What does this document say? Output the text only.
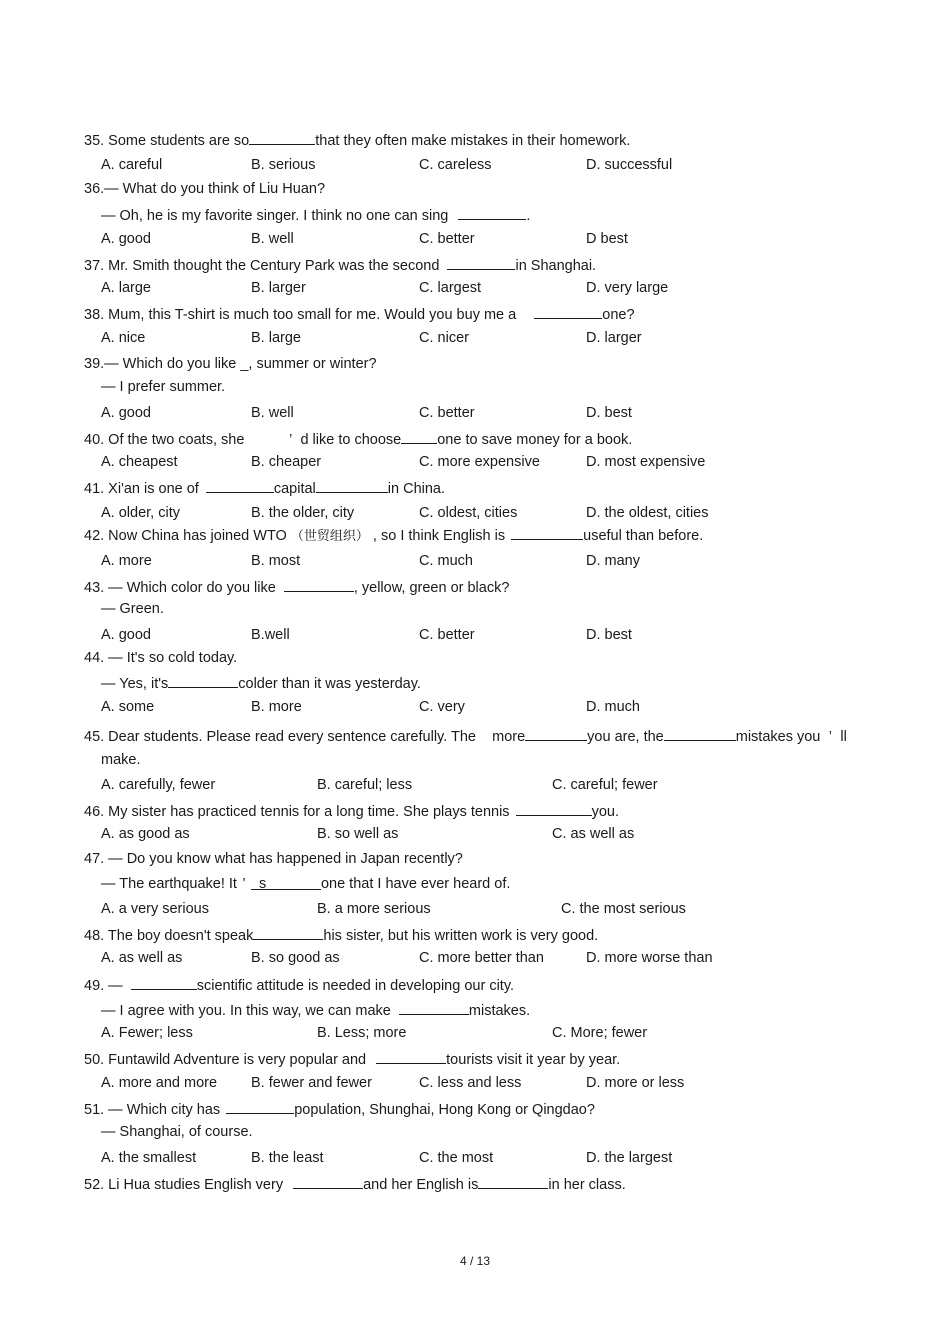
35. Some students are so	that they often make mistakes in their homework.
A. careful	B. serious	C. careless	D. successful
36.— What do you think of Liu Huan?
— Oh, he is my favorite singer. I think no one can sing	.
A. good	B. well	C. better	D best
37. Mr. Smith thought the Century Park was the second	in Shanghai.
A. large	B. larger	C. largest	D. very large
38. Mum, this T-shirt is much too small for me. Would you buy me a	one?
A. nice	B. large	C. nicer	D. larger
39.— Which do you like _, summer or winter?
— I prefer summer.
A. good	B. well	C. better	D. best
40. Of the two coats, she	’ d like to choose one to save money for a book.
A. cheapest	B. cheaper	C. more expensive	D. most expensive
41. Xi'an is one of	capital	in China.
A. older, city	B. the older, city	C. oldest, cities	D. the oldest, cities
42. Now China has joined WTO （世贸组织） , so I think English is	useful than before.
A. more	B. most	C. much	D. many
43. — Which color do you like	, yellow, green or black?
— Green.
A. good	B.well	C. better	D. best
44. — It's so cold today.
— Yes, it's	colder than it was yesterday.
A. some	B. more	C. very	D. much
45. Dear students. Please read every sentence carefully. The more	you are, the	mistakes you ’ ll
make.
A. carefully, fewer	B. careful; less	C. careful; fewer
46. My sister has practiced tennis for a long time. She plays tennis	you.
A. as good as	B. so well as	C. as well as
47. — Do you know what has happened in Japan recently?
— The earthquake! It ’ s	one that I have ever heard of.
A. a very serious	B. a more serious	C. the most serious
48. The boy doesn't speak	his sister, but his written work is very good.
A. as well as	B. so good as	C. more better than	D. more worse than
49. —	scientific attitude is needed in developing our city.
— I agree with you. In this way, we can make	mistakes.
A. Fewer; less	B. Less; more	C. More; fewer
50. Funtawild Adventure is very popular and	tourists visit it year by year.
A. more and more B. fewer and fewer	C. less and less	D. more or less
51. — Which city has	population, Shunghai, Hong Kong or Qingdao?
— Shanghai, of course.
A. the smallest	B. the least	C. the most	D. the largest
52. Li Hua studies English very	and her English is	in her class.
4 / 13
